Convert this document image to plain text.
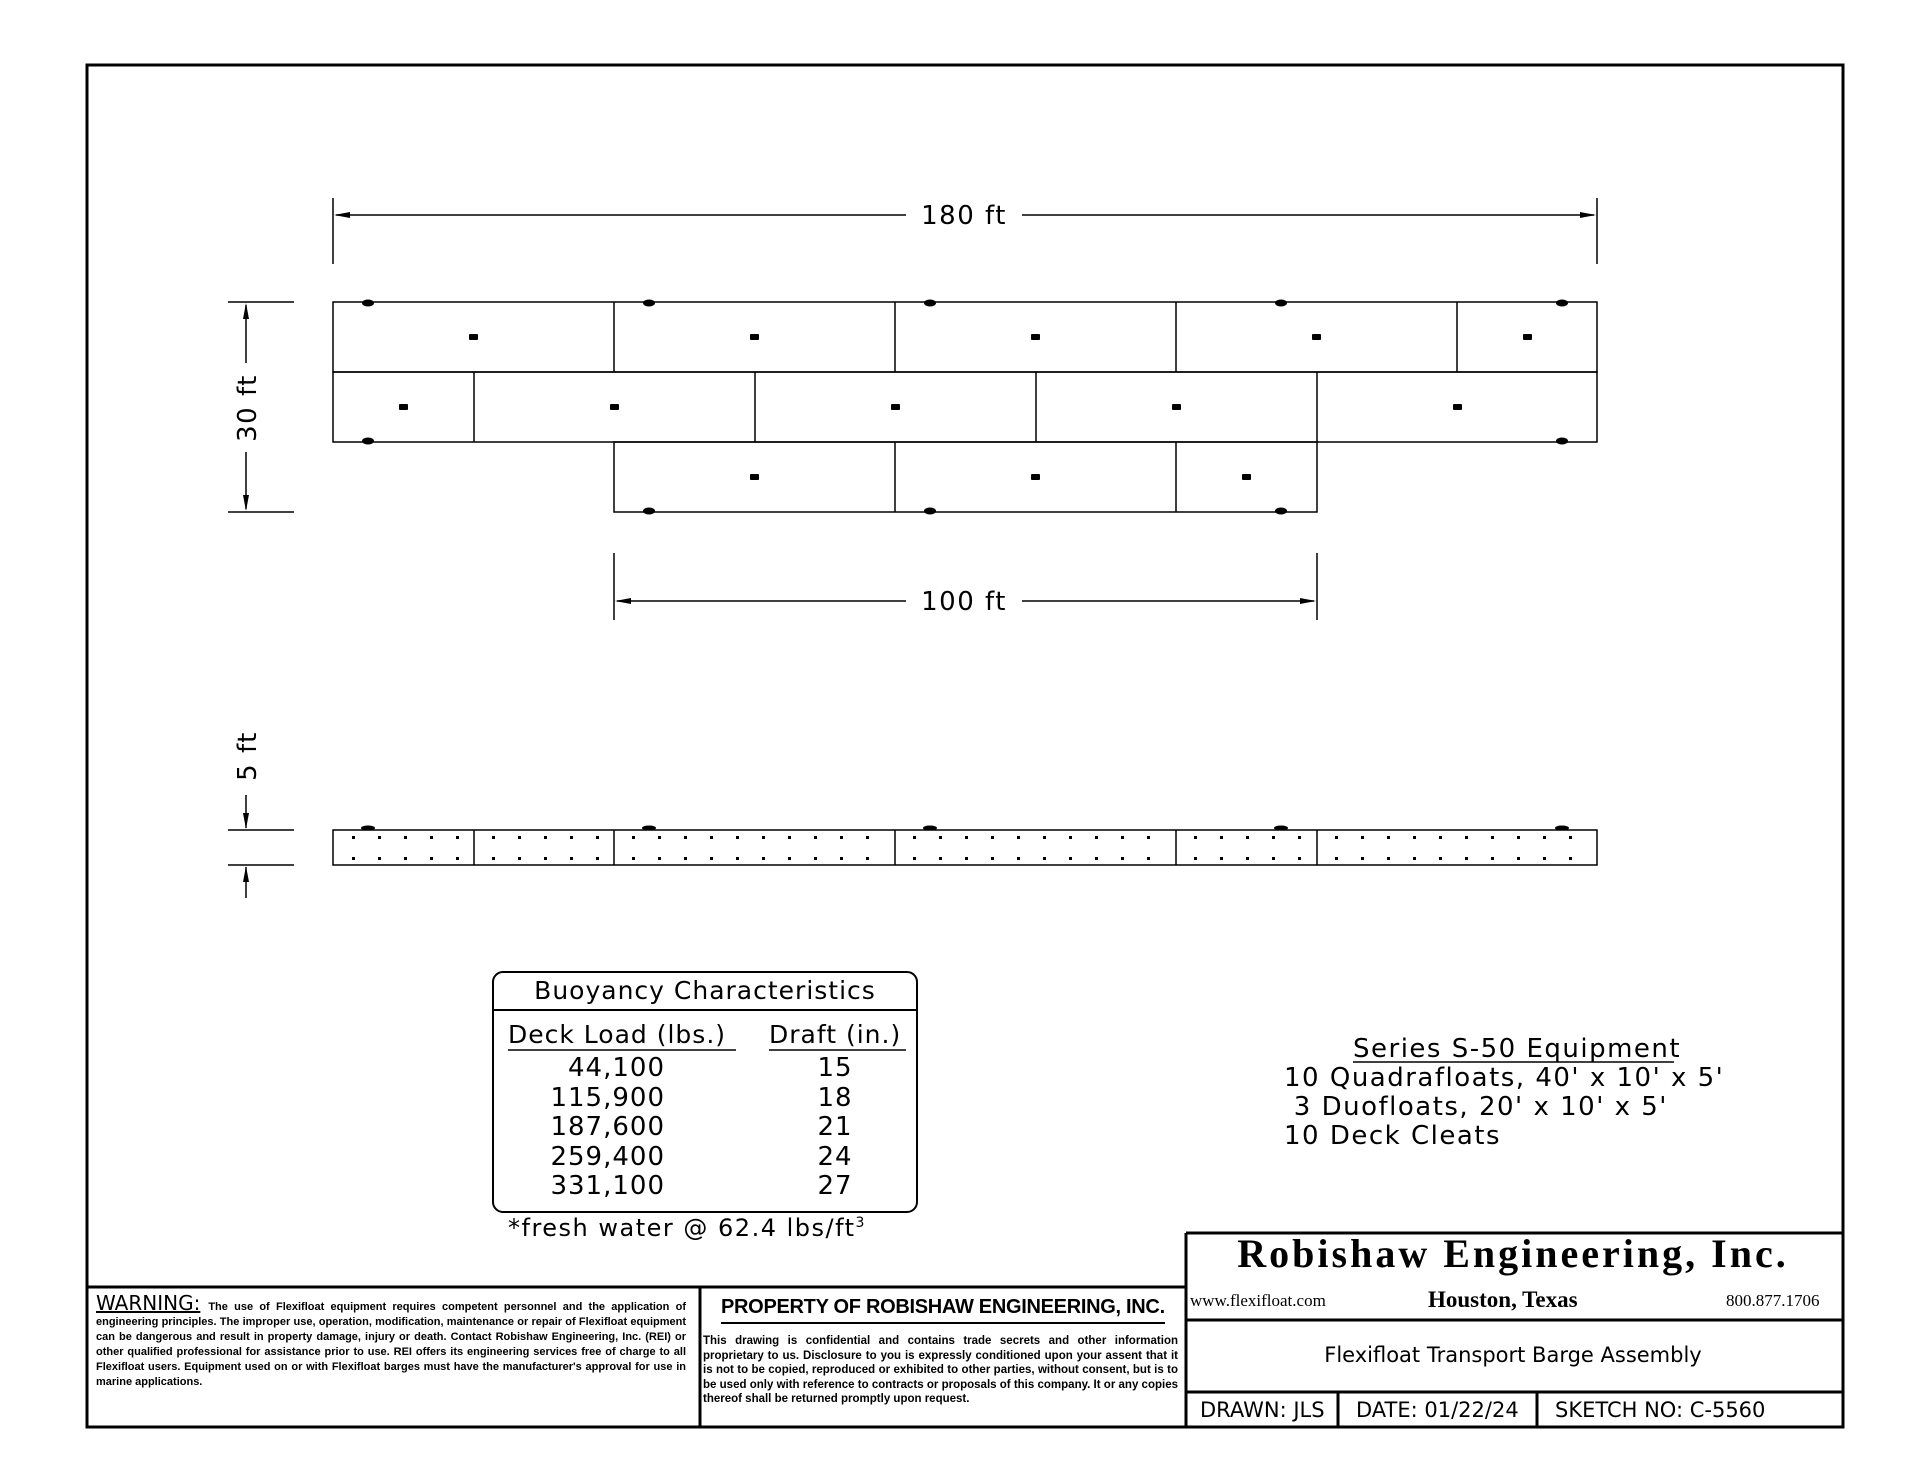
180 ft
100 ft
30 ft
5 ft
Buoyancy Characteristics
Deck Load (lbs.) Draft (in.)
44,100
115,900
187,600
259,400
331,100
15
18
21
24
27
*fresh water @ 62.4 lbs/$ft^3$
Series S-50 Equipment
10 Quadrafloats, 40' x 10' x 5'
3 Duofloats, 20' x 10' x 5'
10 Deck Cleats
WARNING: The use of Flexifloat equipment requires competent personnel and the application of engineering principles. The improper use, operation, modification, maintenance or repair of Flexifloat equipment can be dangerous and result in property damage, injury or death. Contact Robishaw Engineering, Inc. (REI) or other qualified professional for assistance prior to use. REI offers its engineering services free of charge to all Flexifloat users. Equipment used on or with Flexifloat barges must have the manufacturer's approval for use in marine applications.
PROPERTY OF ROBISHAW ENGINEERING, INC.
This drawing is confidential and contains trade secrets and other information proprietary to us. Disclosure to you is expressly conditioned upon your assent that it is not to be copied, reproduced or exhibited to other parties, without consent, but is to be used only with reference to contracts or proposals of this company. It or any copies thereof shall be returned promptly upon request.
Robishaw Engineering, Inc.
www.flexifloat.com	Houston, Texas	800.877.1706
Flexifloat Transport Barge Assembly
DRAWN: JLS DATE: 01/22/24 SKETCH NO: C-5560
